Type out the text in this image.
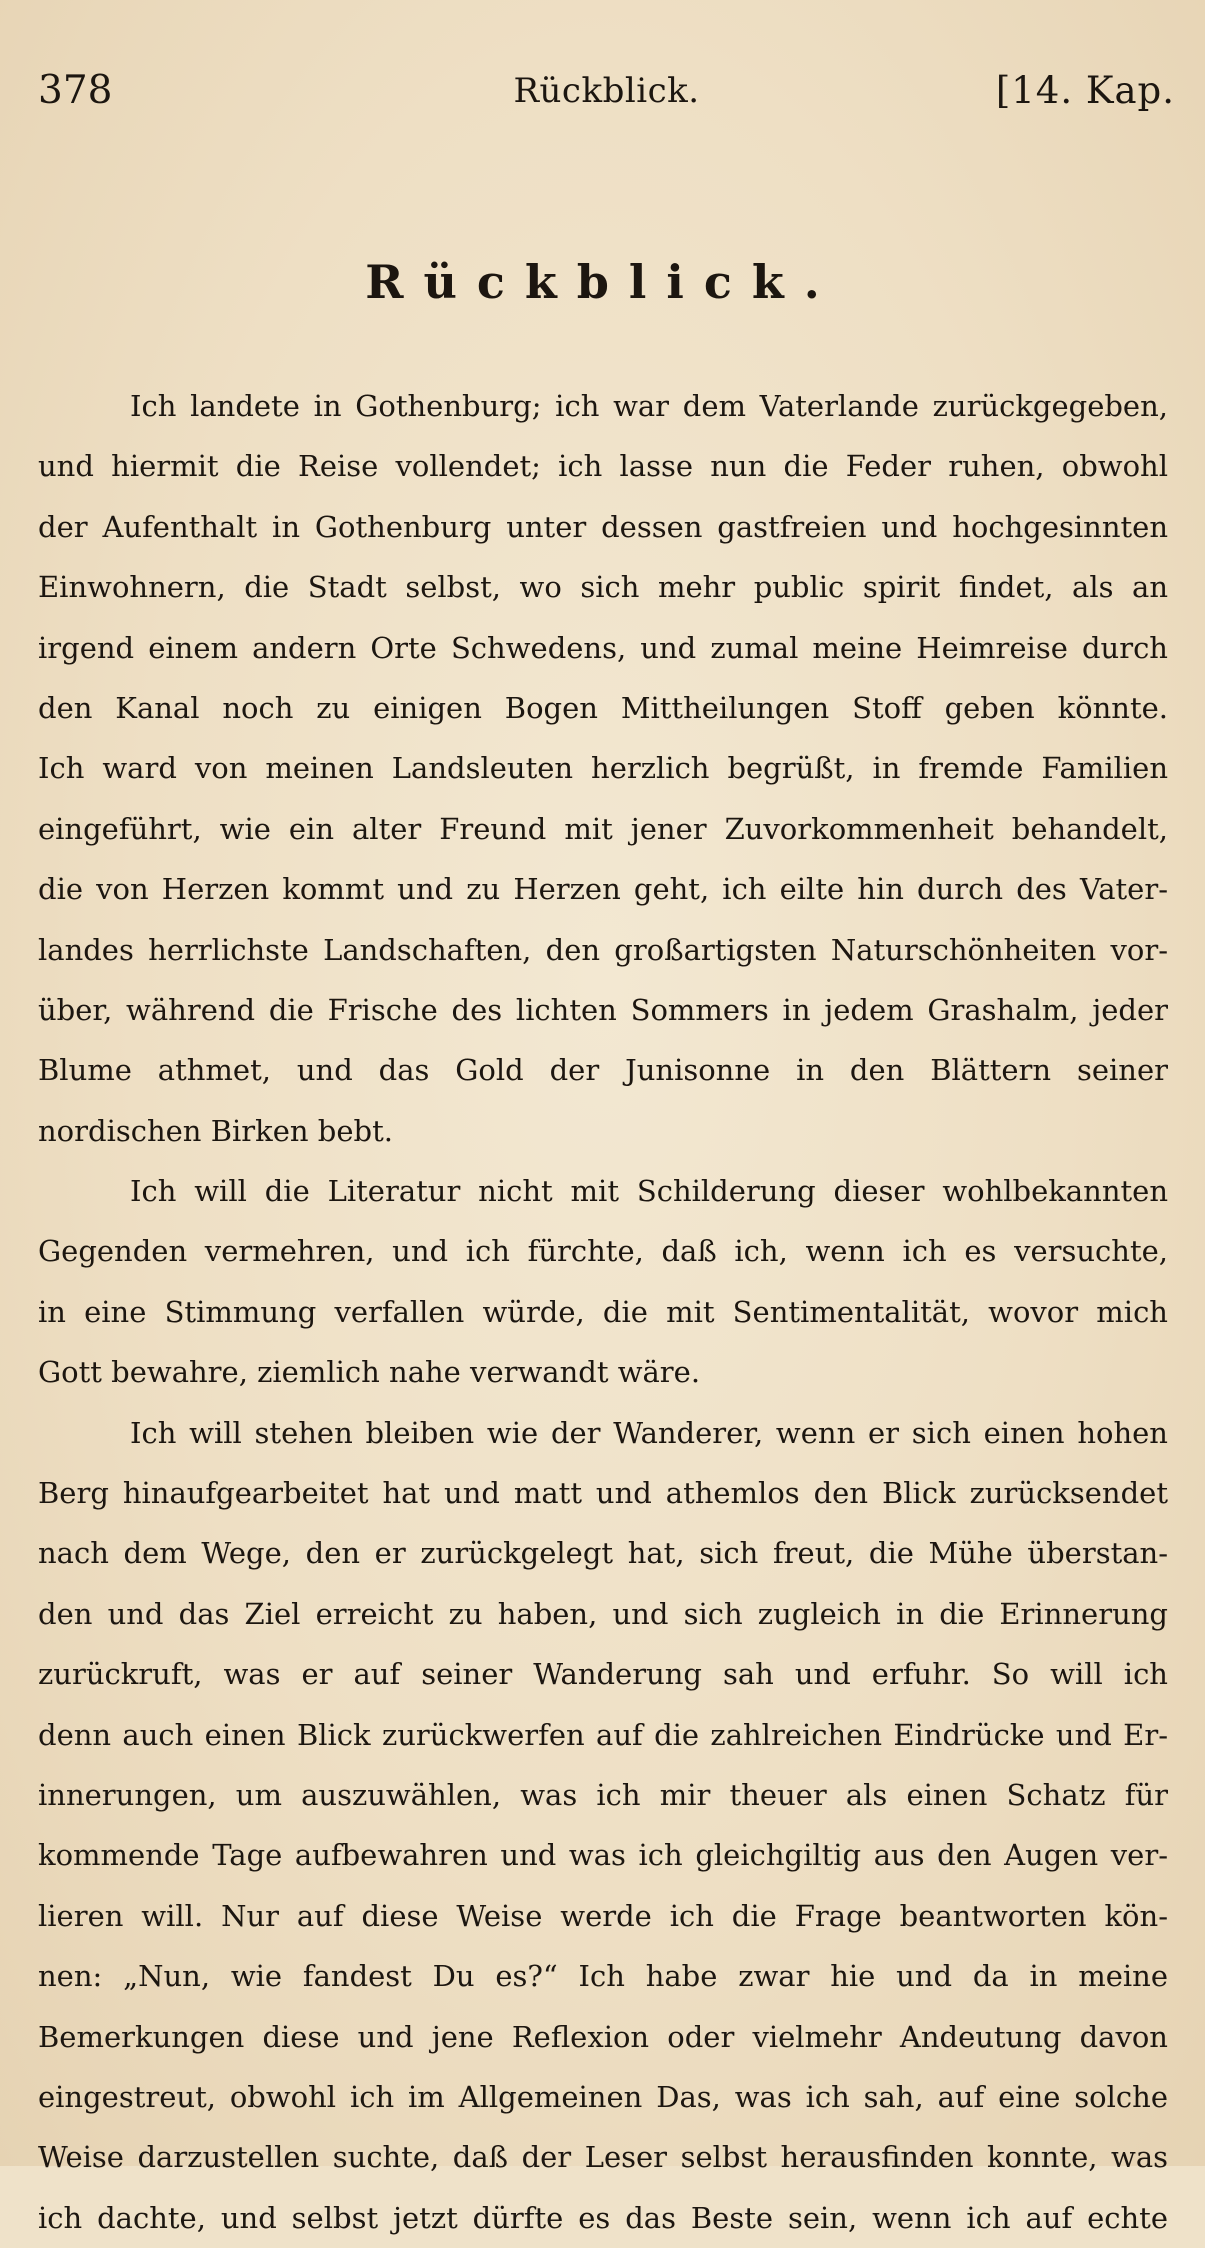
378	Rückblick.	[14. Kap.
Rückblick.
Ich landete in Gothenburg; ich war dem Vaterlande zurückgegeben,
und hiermit die Reise vollendet; ich lasse nun die Feder ruhen, obwohl
der Aufenthalt in Gothenburg unter dessen gastfreien und hochgesinnten
Einwohnern, die Stadt selbst, wo sich mehr public spirit findet, als an
irgend einem andern Orte Schwedens, und zumal meine Heimreise durch
den Kanal noch zu einigen Bogen Mittheilungen Stoff geben könnte.
Ich ward von meinen Landsleuten herzlich begrüßt, in fremde Familien
eingeführt, wie ein alter Freund mit jener Zuvorkommenheit behandelt,
die von Herzen kommt und zu Herzen geht, ich eilte hin durch des Vater-
landes herrlichste Landschaften, den großartigsten Naturschönheiten vor-
über, während die Frische des lichten Sommers in jedem Grashalm, jeder
Blume athmet, und das Gold der Junisonne in den Blättern seiner
nordischen Birken bebt.
Ich will die Literatur nicht mit Schilderung dieser wohlbekannten
Gegenden vermehren, und ich fürchte, daß ich, wenn ich es versuchte,
in eine Stimmung verfallen würde, die mit Sentimentalität, wovor mich
Gott bewahre, ziemlich nahe verwandt wäre.
Ich will stehen bleiben wie der Wanderer, wenn er sich einen hohen
Berg hinaufgearbeitet hat und matt und athemlos den Blick zurücksendet
nach dem Wege, den er zurückgelegt hat, sich freut, die Mühe überstan-
den und das Ziel erreicht zu haben, und sich zugleich in die Erinnerung
zurückruft, was er auf seiner Wanderung sah und erfuhr. So will ich
denn auch einen Blick zurückwerfen auf die zahlreichen Eindrücke und Er-
innerungen, um auszuwählen, was ich mir theuer als einen Schatz für
kommende Tage aufbewahren und was ich gleichgiltig aus den Augen ver-
lieren will. Nur auf diese Weise werde ich die Frage beantworten kön-
nen: „Nun, wie fandest Du es?“ Ich habe zwar hie und da in meine
Bemerkungen diese und jene Reflexion oder vielmehr Andeutung davon
eingestreut, obwohl ich im Allgemeinen Das, was ich sah, auf eine solche
Weise darzustellen suchte, daß der Leser selbst herausfinden konnte, was
ich dachte, und selbst jetzt dürfte es das Beste sein, wenn ich auf echte
